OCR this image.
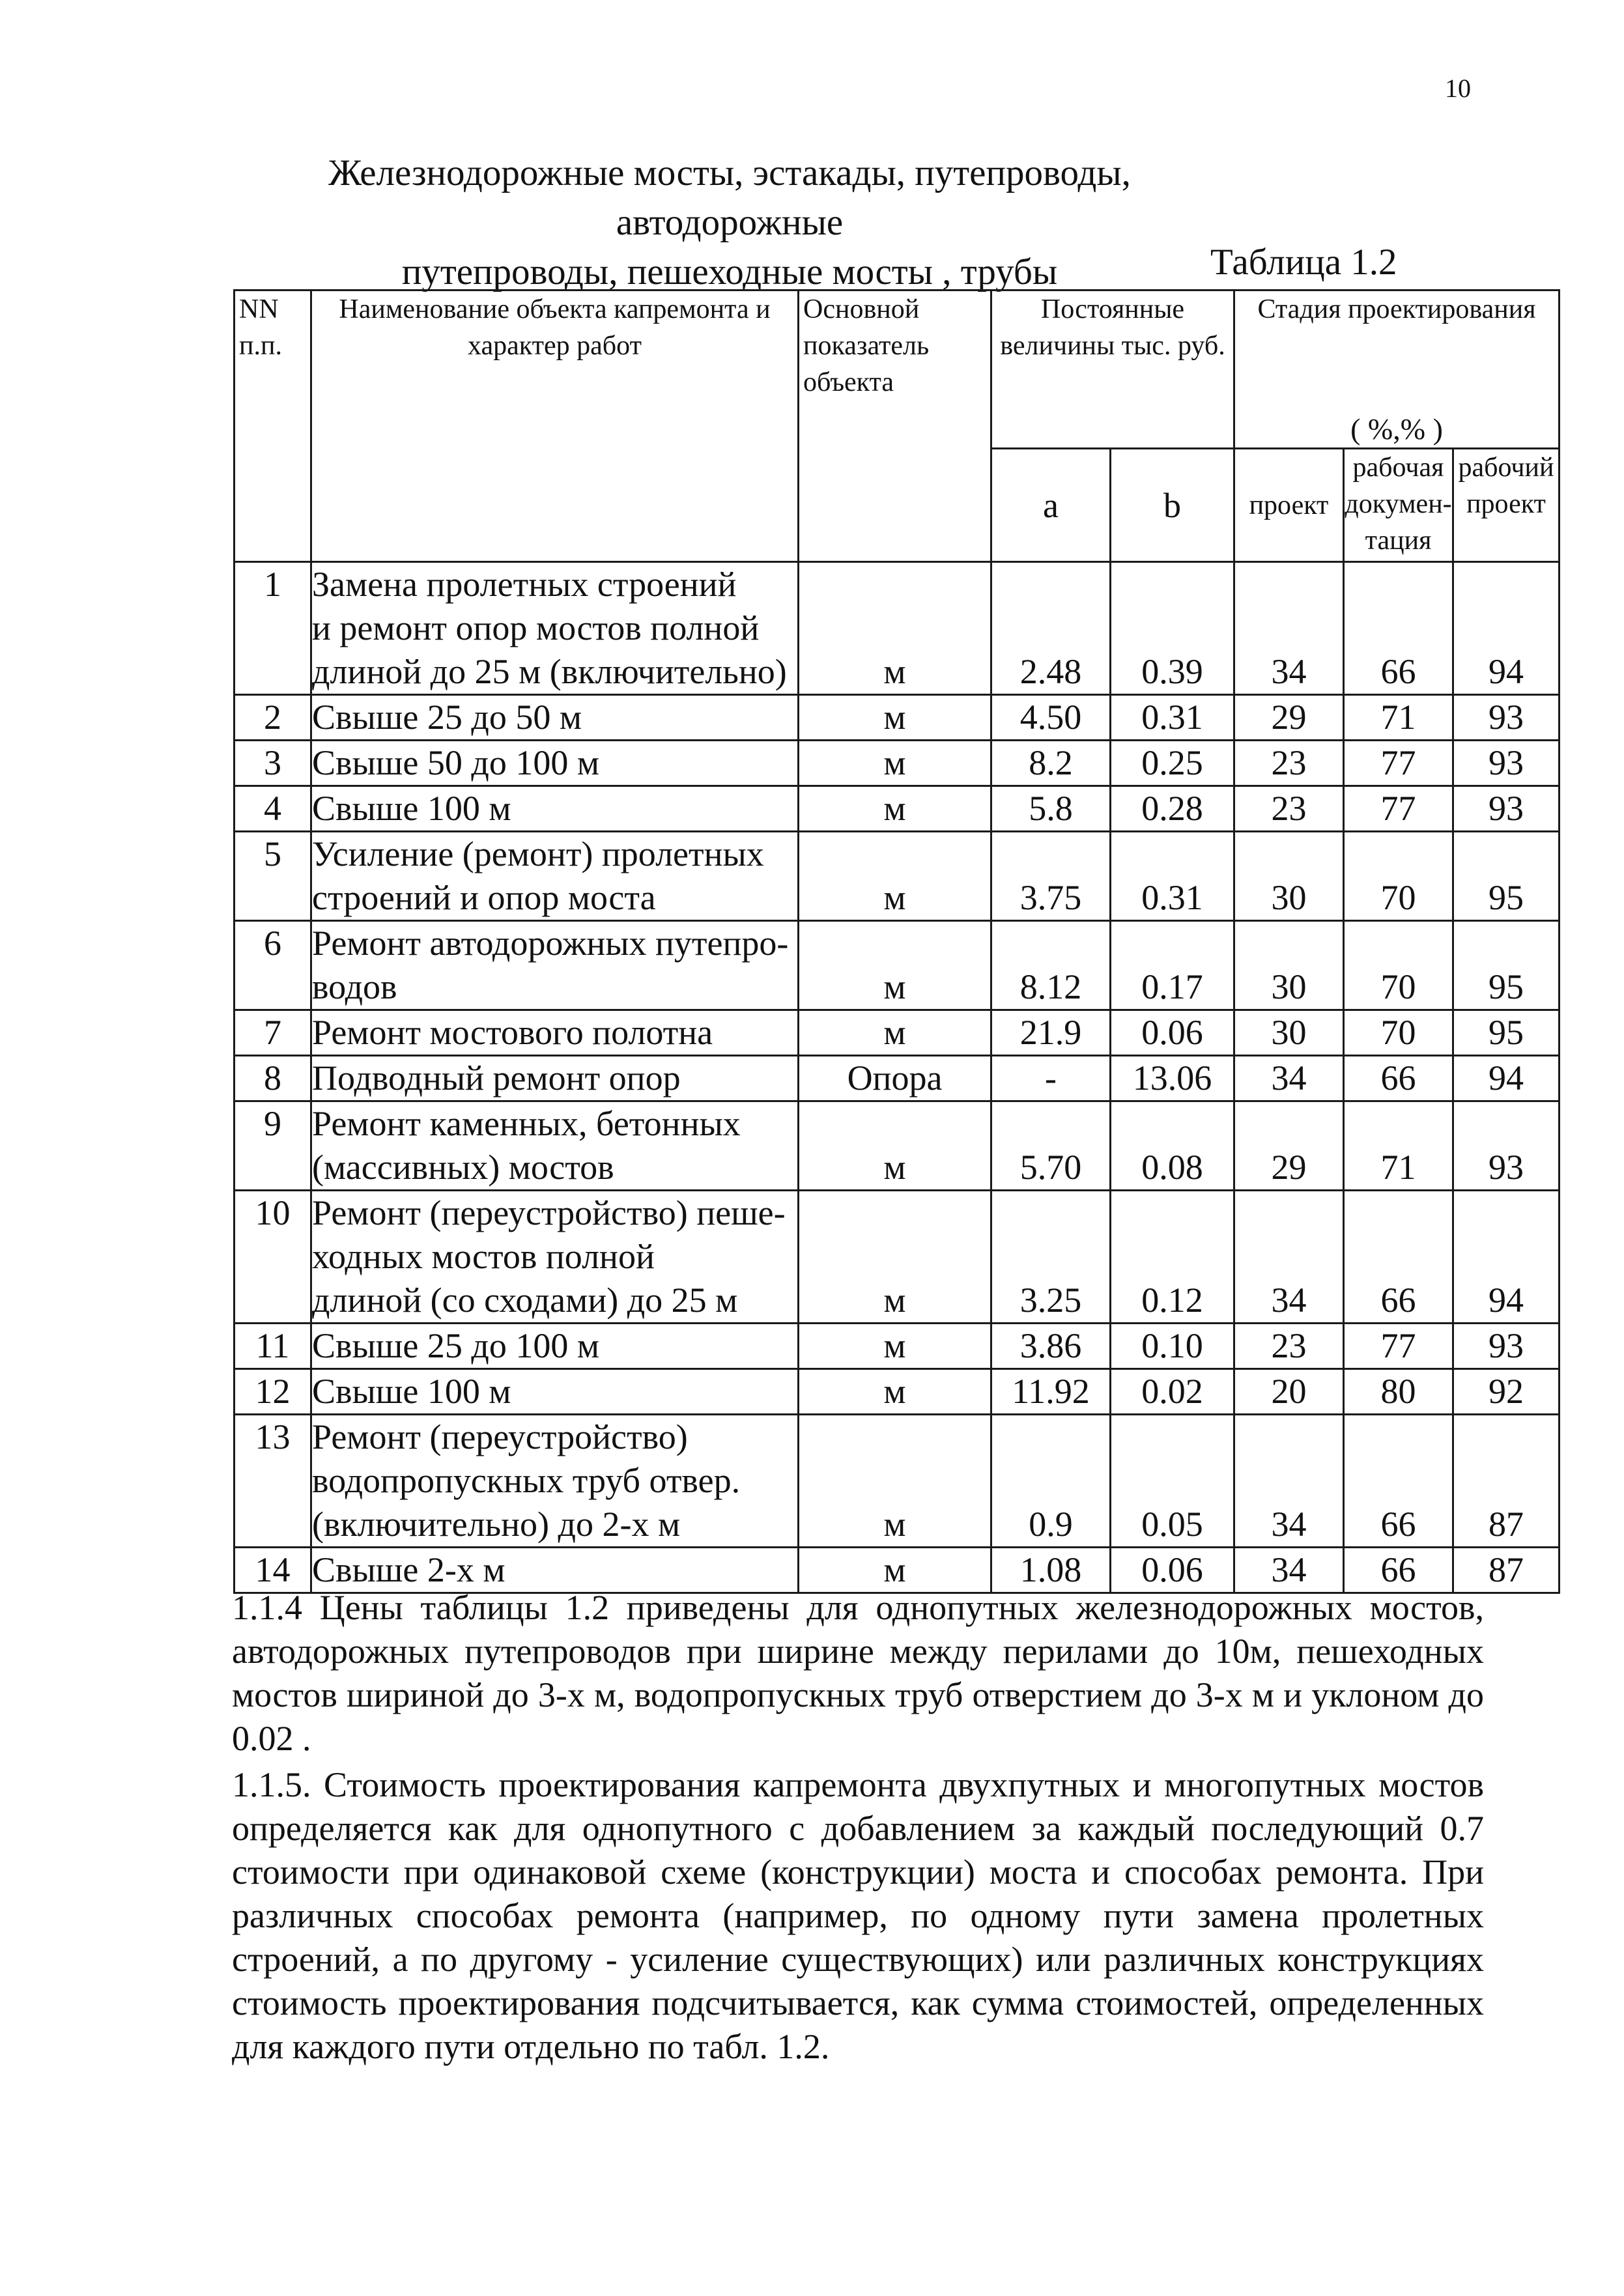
10
Железнодорожные мосты, эстакады, путепроводы, автодорожные
путепроводы, пешеходные мосты , трубы	Таблица 1.2
NN п.п.	Наименование объекта капремонта и характер работ	Основной показатель объекта	Постоянные величины тыс. руб.		Стадия проектирования
( %,% )		

			a	b	проект	рабочая докумен-тация	рабочий проект
1	Замена пролетных строений
и ремонт опор мостов полной
длиной до 25 м (включительно)	м	2.48	0.39	34	66	94
2	Свыше 25 до 50 м	м	4.50	0.31	29	71	93
3	Свыше 50 до 100 м	м	8.2	0.25	23	77	93
4	Свыше 100 м	м	5.8	0.28	23	77	93
5	Усиление (ремонт) пролетных
строений и опор моста	м	3.75	0.31	30	70	95
6	Ремонт автодорожных путепро-
водов	м	8.12	0.17	30	70	95
7	Ремонт мостового полотна	м	21.9	0.06	30	70	95
8	Подводный ремонт опор	Опора	-	13.06	34	66	94
9	Ремонт каменных, бетонных
(массивных) мостов	м	5.70	0.08	29	71	93
10	Ремонт (переустройство) пеше-
ходных мостов полной
длиной (со сходами) до 25 м	м	3.25	0.12	34	66	94
11	Свыше 25 до 100 м	м	3.86	0.10	23	77	93
12	Свыше 100 м	м	11.92	0.02	20	80	92
13	Ремонт (переустройство)
водопропускных труб отвер.
(включительно) до 2-х м	м	0.9	0.05	34	66	87
14	Свыше 2-х м	м	1.08	0.06	34	66	87
1.1.4 Цены таблицы 1.2 приведены для однопутных железнодорожных мостов, автодорожных путепроводов при ширине между перилами до 10м, пешеходных мостов шириной до 3-х м, водопропускных труб отверстием до 3-х м и уклоном до 0.02 .
1.1.5. Стоимость проектирования капремонта двухпутных и многопутных мостов определяется как для однопутного с добавлением за каждый последующий 0.7 стоимости при одинаковой схеме (конструкции) моста и способах ремонта. При различных способах ремонта (например, по одному пути замена пролетных строений, а по другому - усиление существующих) или различных конструкциях стоимость проектирования подсчитывается, как сумма стоимостей, определенных для каждого пути отдельно по табл. 1.2.
